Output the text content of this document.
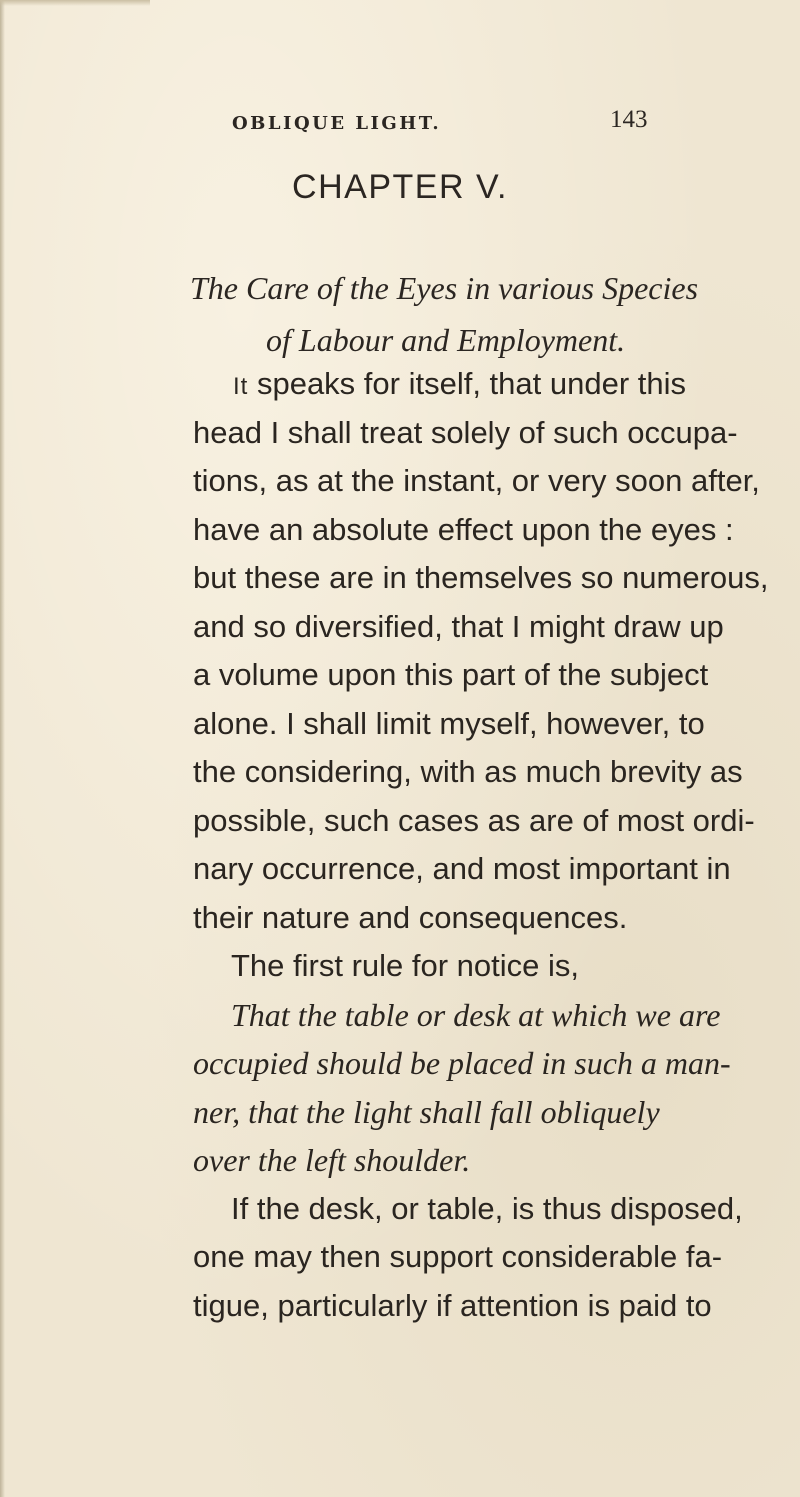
OBLIQUE LIGHT.	143
CHAPTER V.
The Care of the Eyes in various Species
of Labour and Employment.
It speaks for itself, that under this
head I shall treat solely of such occupa-
tions, as at the instant, or very soon after,
have an absolute effect upon the eyes :
but these are in themselves so numerous,
and so diversified, that I might draw up
a volume upon this part of the subject
alone. I shall limit myself, however, to
the considering, with as much brevity as
possible, such cases as are of most ordi-
nary occurrence, and most important in
their nature and consequences.
The first rule for notice is,
That the table or desk at which we are
occupied should be placed in such a man-
ner, that the light shall fall obliquely
over the left shoulder.
If the desk, or table, is thus disposed,
one may then support considerable fa-
tigue, particularly if attention is paid to
